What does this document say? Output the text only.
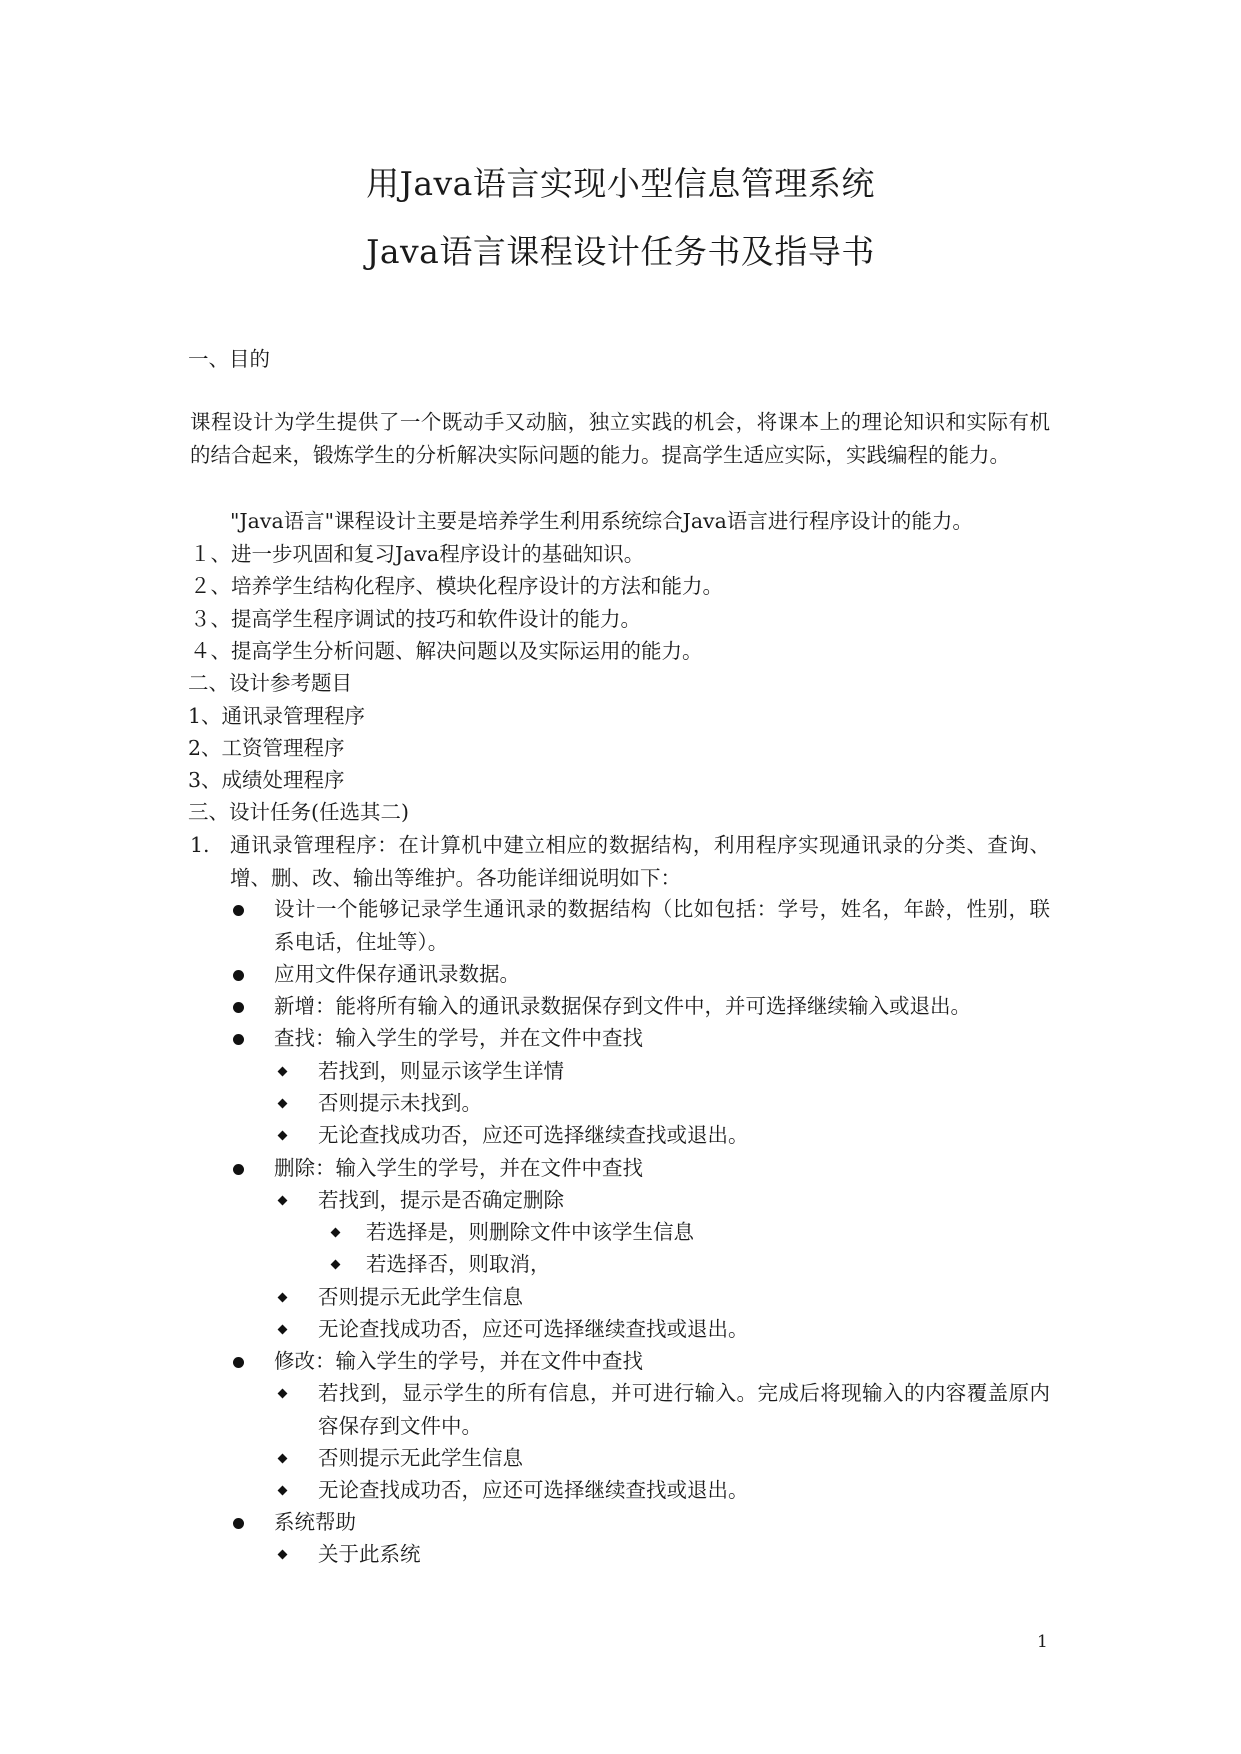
用Java语言实现小型信息管理系统
Java语言课程设计任务书及指导书

一、目的

课程设计为学生提供了一个既动手又动脑，独立实践的机会，将课本上的理论知识和实际有机的结合起来，锻炼学生的分析解决实际问题的能力。提高学生适应实际，实践编程的能力。

"Java语言"课程设计主要是培养学生利用系统综合Java语言进行程序设计的能力。

１、进一步巩固和复习Java程序设计的基础知识。

２、培养学生结构化程序、模块化程序设计的方法和能力。

３、提高学生程序调试的技巧和软件设计的能力。

４、提高学生分析问题、解决问题以及实际运用的能力。

二、设计参考题目

1、通讯录管理程序

2、工资管理程序

3、成绩处理程序

三、设计任务(任选其二)

1. 通讯录管理程序：在计算机中建立相应的数据结构，利用程序实现通讯录的分类、查询、增、删、改、输出等维护。各功能详细说明如下：

设计一个能够记录学生通讯录的数据结构（比如包括：学号，姓名，年龄，性别，联系电话，住址等）。

应用文件保存通讯录数据。

新增：能将所有输入的通讯录数据保存到文件中，并可选择继续输入或退出。

查找：输入学生的学号，并在文件中查找

若找到，则显示该学生详情

否则提示未找到。

无论查找成功否，应还可选择继续查找或退出。

删除：输入学生的学号，并在文件中查找

若找到，提示是否确定删除

若选择是，则删除文件中该学生信息

若选择否，则取消，

否则提示无此学生信息

无论查找成功否，应还可选择继续查找或退出。

修改：输入学生的学号，并在文件中查找

若找到，显示学生的所有信息，并可进行输入。完成后将现输入的内容覆盖原内容保存到文件中。

否则提示无此学生信息

无论查找成功否，应还可选择继续查找或退出。

系统帮助

关于此系统

1
